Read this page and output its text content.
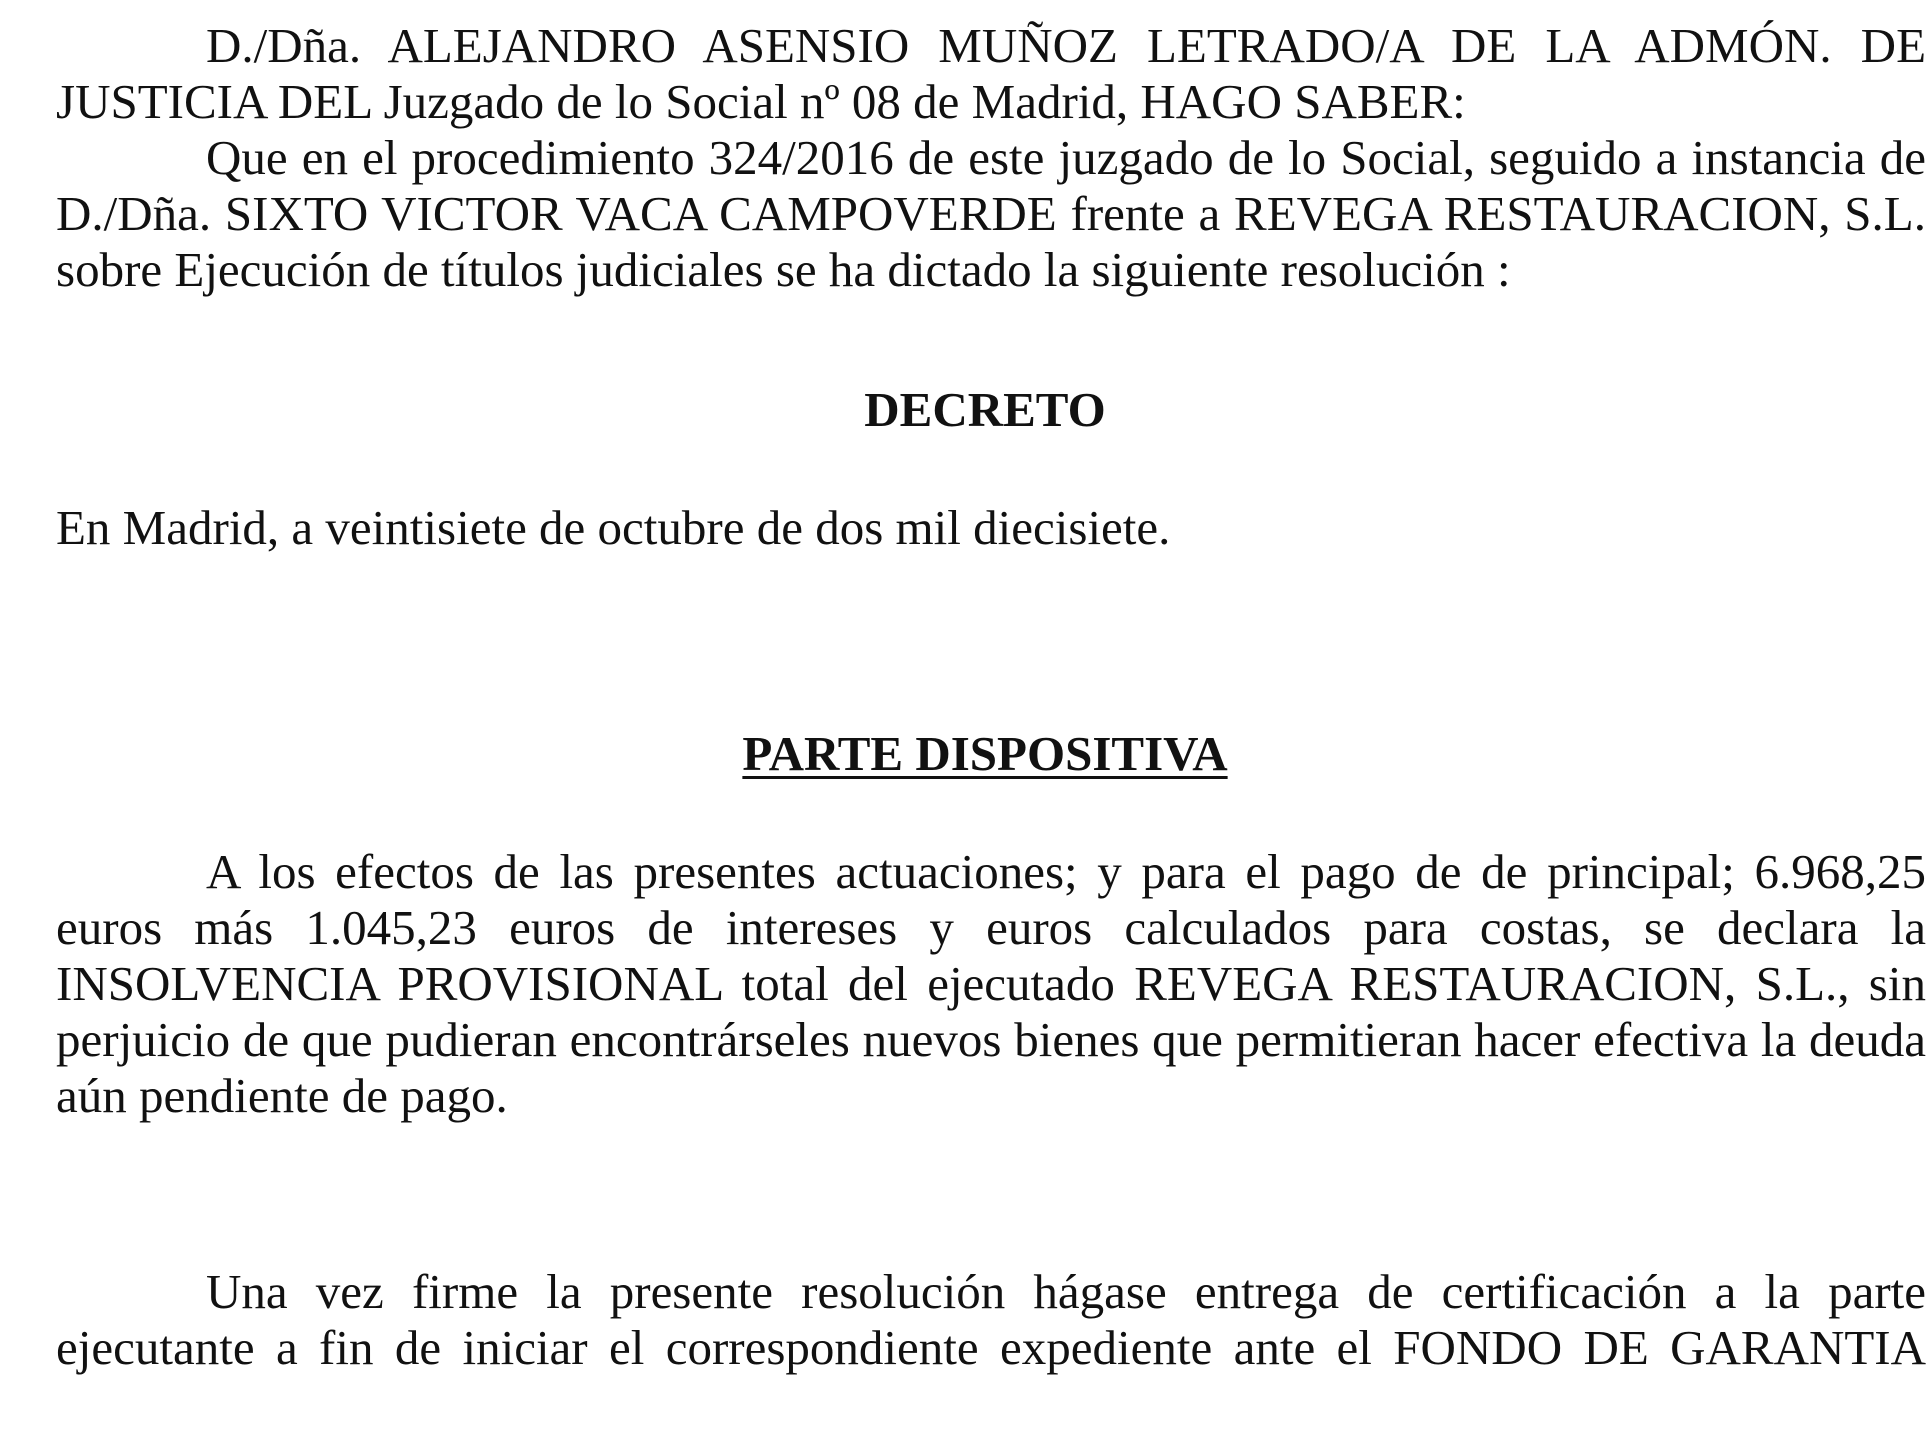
D./Dña. ALEJANDRO ASENSIO MUÑOZ LETRADO/A DE LA ADMÓN. DE JUSTICIA DEL Juzgado de lo Social nº 08 de Madrid, HAGO SABER:

Que en el procedimiento 324/2016 de este juzgado de lo Social, seguido a instancia de D./Dña. SIXTO VICTOR VACA CAMPOVERDE frente a REVEGA RESTAURACION, S.L. sobre Ejecución de títulos judiciales se ha dictado la siguiente resolución :

DECRETO

En Madrid, a veintisiete de octubre de dos mil diecisiete.

PARTE DISPOSITIVA

A los efectos de las presentes actuaciones; y para el pago de de principal; 6.968,25 euros más 1.045,23 euros de intereses y euros calculados para costas, se declara la INSOLVENCIA PROVISIONAL total del ejecutado REVEGA RESTAURACION, S.L., sin perjuicio de que pudieran encontrárseles nuevos bienes que permitieran hacer efectiva la deuda aún pendiente de pago.

Una vez firme la presente resolución hágase entrega de certificación a la parte ejecutante a fin de iniciar el correspondiente expediente ante el FONDO DE GARANTIA
